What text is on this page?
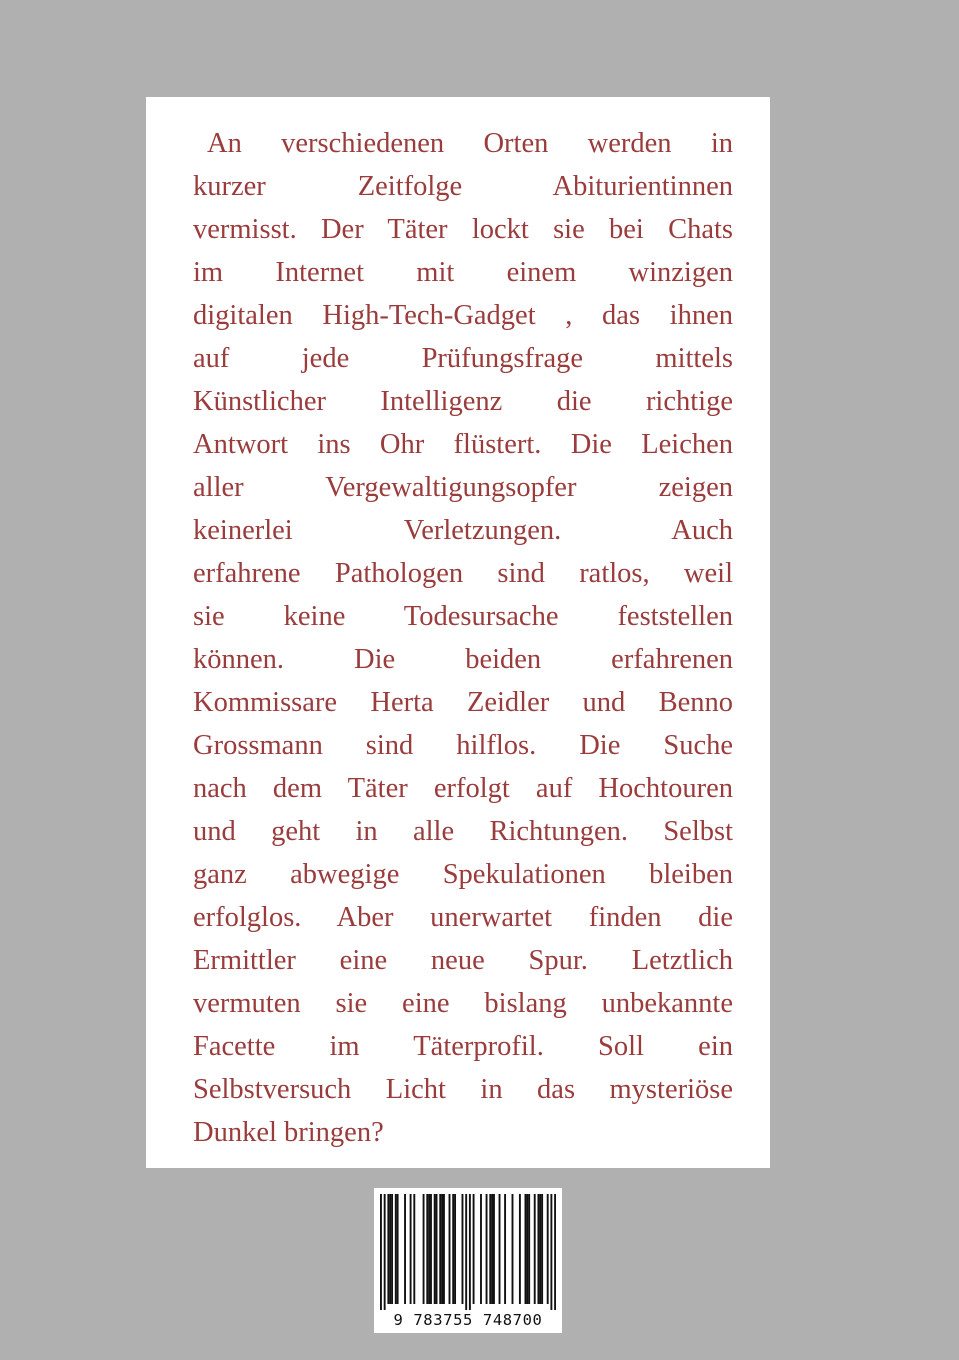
An verschiedenen Orten werden in
kurzer Zeitfolge Abiturientinnen
vermisst. Der Täter lockt sie bei Chats
im Internet mit einem winzigen
digitalen High-Tech-Gadget , das ihnen
auf jede Prüfungsfrage mittels
Künstlicher Intelligenz die richtige
Antwort ins Ohr flüstert. Die Leichen
aller Vergewaltigungsopfer zeigen
keinerlei Verletzungen. Auch
erfahrene Pathologen sind ratlos, weil
sie keine Todesursache feststellen
können. Die beiden erfahrenen
Kommissare Herta Zeidler und Benno
Grossmann sind hilflos. Die Suche
nach dem Täter erfolgt auf Hochtouren
und geht in alle Richtungen. Selbst
ganz abwegige Spekulationen bleiben
erfolglos. Aber unerwartet finden die
Ermittler eine neue Spur. Letztlich
vermuten sie eine bislang unbekannte
Facette im Täterprofil. Soll ein
Selbstversuch Licht in das mysteriöse
Dunkel bringen?
9 783755 748700
